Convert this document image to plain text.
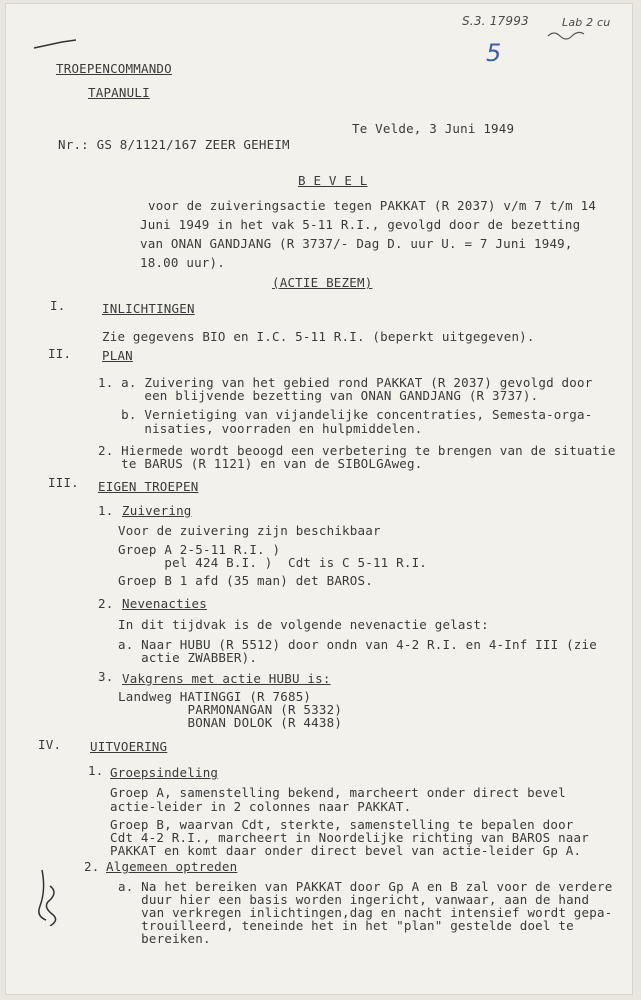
S.3. 17993	Lab 2 cu
5
TROEPENCOMMANDO
TAPANULI
Te Velde, 3 Juni 1949
Nr.: GS 8/1121/167 ZEER GEHEIM
B E V E L
voor de zuiveringsactie tegen PAKKAT (R 2037) v/m 7 t/m 14
Juni 1949 in het vak 5-11 R.I., gevolgd door de bezetting
van ONAN GANDJANG (R 3737/- Dag D. uur U. = 7 Juni 1949,
18.00 uur).
(ACTIE BEZEM)
I.	INLICHTINGEN
Zie gegevens BIO en I.C. 5-11 R.I. (beperkt uitgegeven).
II. PLAN
1. a. Zuivering van het gebied rond PAKKAT (R 2037) gevolgd door
een blijvende bezetting van ONAN GANDJANG (R 3737).
b. Vernietiging van vijandelijke concentraties, Semesta-orga-
nisaties, voorraden en hulpmiddelen.
2. Hiermede wordt beoogd een verbetering te brengen van de situatie
te BARUS (R 1121) en van de SIBOLGAweg.
III. EIGEN TROEPEN
1. Zuivering
Voor de zuivering zijn beschikbaar
Groep A 2-5-11 R.I. )
pel 424 B.I. )  Cdt is C 5-11 R.I.
Groep B 1 afd (35 man) det BAROS.
2. Nevenacties
In dit tijdvak is de volgende nevenactie gelast:
a. Naar HUBU (R 5512) door ondn van 4-2 R.I. en 4-Inf III (zie
actie ZWABBER).
3. Vakgrens met actie HUBU is:
Landweg HATINGGI (R 7685)
PARMONANGAN (R 5332)
BONAN DOLOK (R 4438)
IV. UITVOERING
1. Groepsindeling
Groep A, samenstelling bekend, marcheert onder direct bevel
actie-leider in 2 colonnes naar PAKKAT.
Groep B, waarvan Cdt, sterkte, samenstelling te bepalen door
Cdt 4-2 R.I., marcheert in Noordelijke richting van BAROS naar
PAKKAT en komt daar onder direct bevel van actie-leider Gp A.
2. Algemeen optreden
a. Na het bereiken van PAKKAT door Gp A en B zal voor de verdere
duur hier een basis worden ingericht, vanwaar, aan de hand
van verkregen inlichtingen,dag en nacht intensief wordt gepa-
trouilleerd, teneinde het in het "plan" gestelde doel te
bereiken.
